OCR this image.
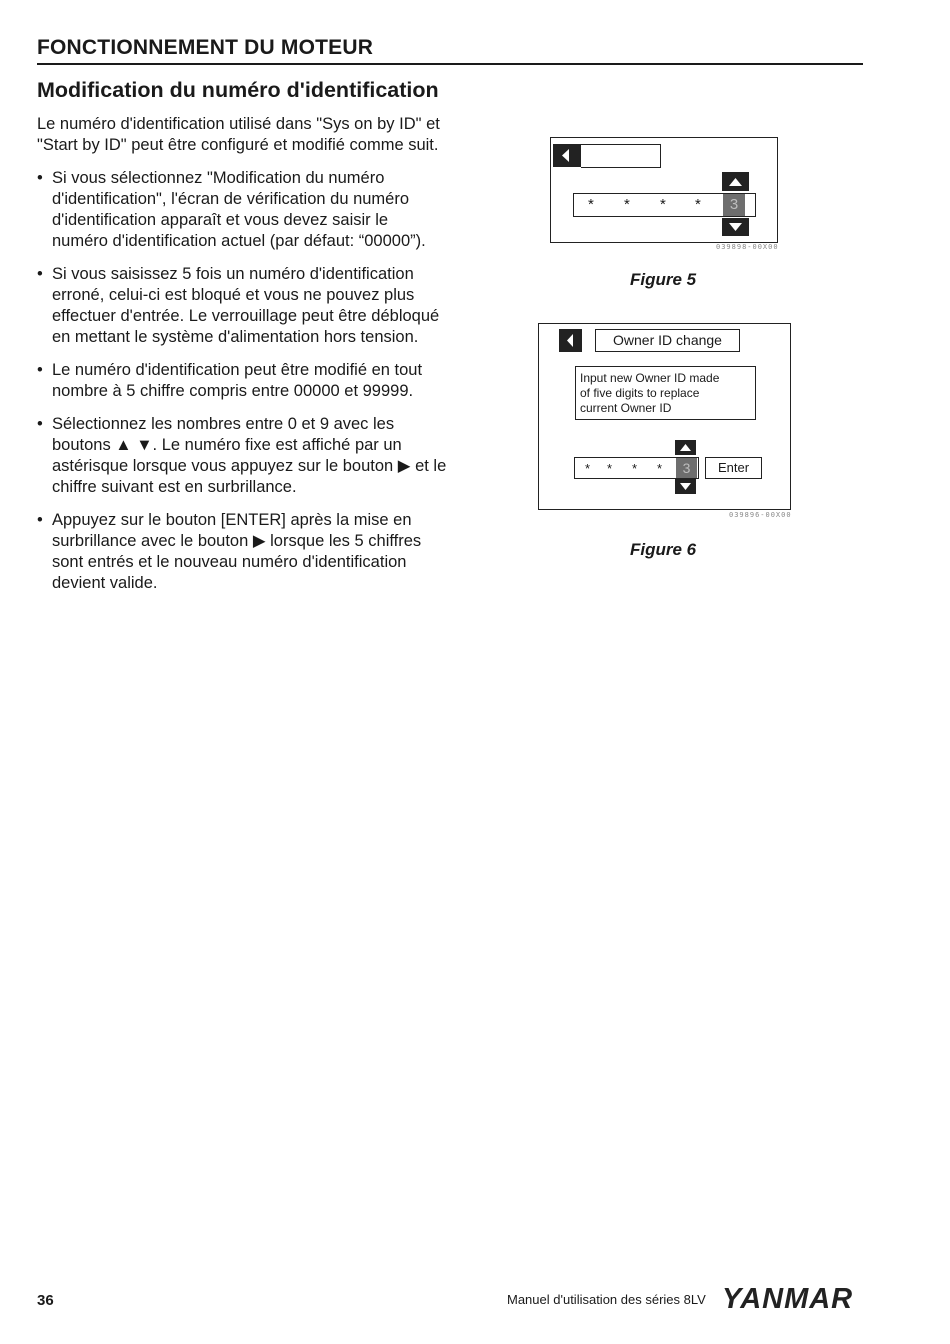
FONCTIONNEMENT DU MOTEUR
Modification du numéro d'identification

Le numéro d'identification utilisé dans "Sys on by ID" et "Start by ID" peut être configuré et modifié comme suit.

• Si vous sélectionnez "Modification du numéro d'identification", l'écran de vérification du numéro d'identification apparaît et vous devez saisir le numéro d'identification actuel (par défaut: “00000”).
• Si vous saisissez 5 fois un numéro d'identification erroné, celui-ci est bloqué et vous ne pouvez plus effectuer d'entrée. Le verrouillage peut être débloqué en mettant le système d'alimentation hors tension.
• Le numéro d'identification peut être modifié en tout nombre à 5 chiffre compris entre 00000 et 99999.
• Sélectionnez les nombres entre 0 et 9 avec les boutons ▲ ▼. Le numéro fixe est affiché par un astérisque lorsque vous appuyez sur le bouton ▶ et le chiffre suivant est en surbrillance.
• Appuyez sur le bouton [ENTER] après la mise en surbrillance avec le bouton ▶ lorsque les 5 chiffres sont entrés et le nouveau numéro d'identification devient valide.
* * * *	3
039898-00X00
Figure 5
Owner ID change
Input new Owner ID made
of five digits to replace
current Owner ID
* * * *	3	Enter
039896-00X00
Figure 6
36	Manuel d'utilisation des séries 8LV YANMAR
